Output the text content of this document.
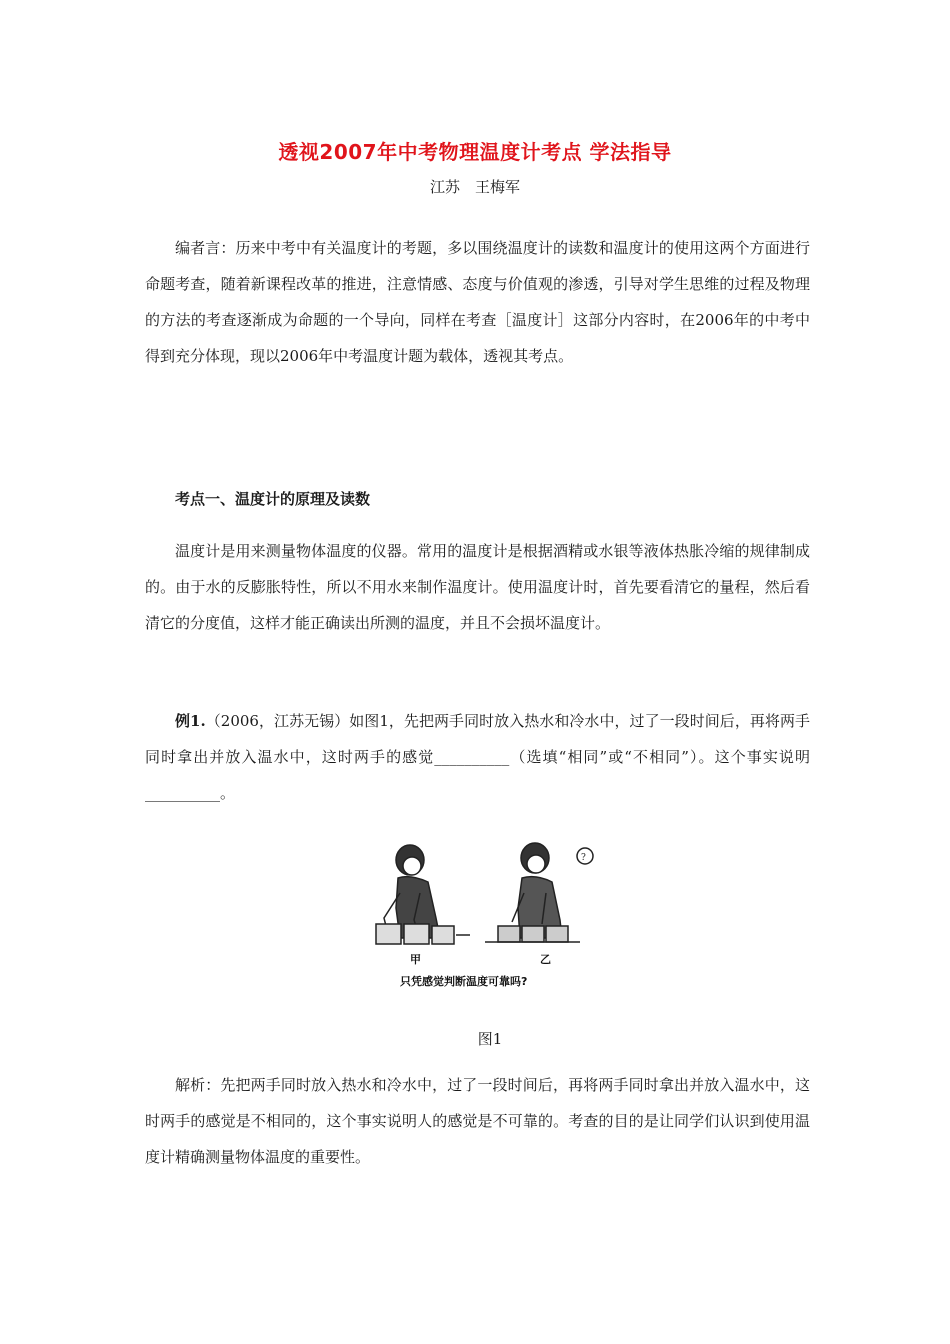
透视2007年中考物理温度计考点 学法指导
江苏　王梅军

编者言：历来中考中有关温度计的考题，多以围绕温度计的读数和温度计的使用这两个方面进行命题考查，随着新课程改革的推进，注意情感、态度与价值观的渗透，引导对学生思维的过程及物理的方法的考查逐渐成为命题的一个导向，同样在考查［温度计］这部分内容时，在2006年的中考中得到充分体现，现以2006年中考温度计题为载体，透视其考点。

考点一、温度计的原理及读数

温度计是用来测量物体温度的仪器。常用的温度计是根据酒精或水银等液体热胀冷缩的规律制成的。由于水的反膨胀特性，所以不用水来制作温度计。使用温度计时，首先要看清它的量程，然后看清它的分度值，这样才能正确读出所测的温度，并且不会损坏温度计。

例1.（2006，江苏无锡）如图1，先把两手同时放入热水和冷水中，过了一段时间后，再将两手同时拿出并放入温水中，这时两手的感觉__________（选填“相同”或“不相同”）。这个事实说明__________。

?
甲	乙
只凭感觉判断温度可靠吗?
图1

解析：先把两手同时放入热水和冷水中，过了一段时间后，再将两手同时拿出并放入温水中，这时两手的感觉是不相同的，这个事实说明人的感觉是不可靠的。考查的目的是让同学们认识到使用温度计精确测量物体温度的重要性。
